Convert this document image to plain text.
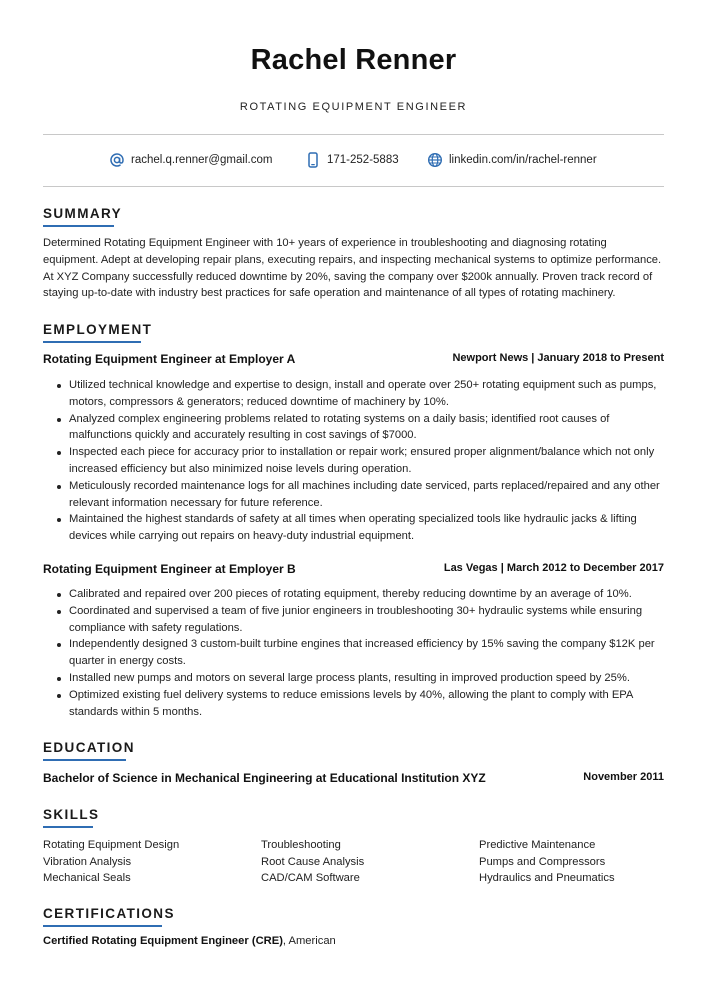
Rachel Renner
ROTATING EQUIPMENT ENGINEER
rachel.q.renner@gmail.com	171-252-5883	linkedin.com/in/rachel-renner
SUMMARY

Determined Rotating Equipment Engineer with 10+ years of experience in troubleshooting and diagnosing rotating equipment. Adept at developing repair plans, executing repairs, and inspecting mechanical systems to optimize performance. At XYZ Company successfully reduced downtime by 20%, saving the company over $200k annually. Proven track record of staying up-to-date with industry best practices for safe operation and maintenance of all types of rotating machinery.

EMPLOYMENT
Rotating Equipment Engineer at Employer A	Newport News | January 2018 to Present
Utilized technical knowledge and expertise to design, install and operate over 250+ rotating equipment such as pumps, motors, compressors & generators; reduced downtime of machinery by 10%.
Analyzed complex engineering problems related to rotating systems on a daily basis; identified root causes of malfunctions quickly and accurately resulting in cost savings of $7000.
Inspected each piece for accuracy prior to installation or repair work; ensured proper alignment/balance which not only increased efficiency but also minimized noise levels during operation.
Meticulously recorded maintenance logs for all machines including date serviced, parts replaced/repaired and any other relevant information necessary for future reference.
Maintained the highest standards of safety at all times when operating specialized tools like hydraulic jacks & lifting devices while carrying out repairs on heavy-duty industrial equipment.
Rotating Equipment Engineer at Employer B	Las Vegas | March 2012 to December 2017
Calibrated and repaired over 200 pieces of rotating equipment, thereby reducing downtime by an average of 10%.
Coordinated and supervised a team of five junior engineers in troubleshooting 30+ hydraulic systems while ensuring compliance with safety regulations.
Independently designed 3 custom-built turbine engines that increased efficiency by 15% saving the company $12K per quarter in energy costs.
Installed new pumps and motors on several large process plants, resulting in improved production speed by 25%.
Optimized existing fuel delivery systems to reduce emissions levels by 40%, allowing the plant to comply with EPA standards within 5 months.
EDUCATION
Bachelor of Science in Mechanical Engineering at Educational Institution XYZ	November 2011
SKILLS
Rotating Equipment Design	Troubleshooting	Predictive Maintenance
Vibration Analysis	Root Cause Analysis	Pumps and Compressors
Mechanical Seals	CAD/CAM Software	Hydraulics and Pneumatics
CERTIFICATIONS
Certified Rotating Equipment Engineer (CRE), American
